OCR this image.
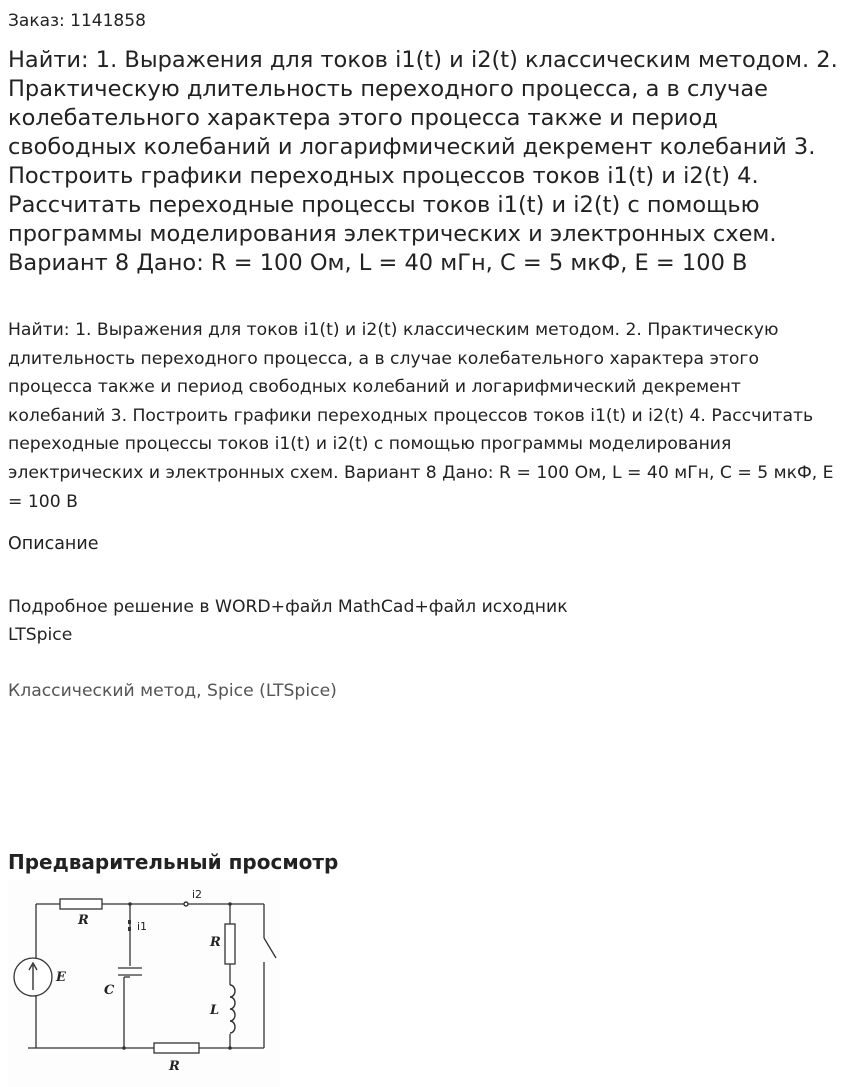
Заказ: 1141858
Найти: 1. Выражения для токов i1(t) и i2(t) классическим методом. 2. Практическую длительность переходного процесса, а в случае колебательного характера этого процесса также и период свободных колебаний и логарифмический декремент колебаний 3. Построить графики переходных процессов токов i1(t) и i2(t) 4. Рассчитать переходные процессы токов i1(t) и i2(t) с помощью программы моделирования электрических и электронных схем. Вариант 8 Дано: R = 100 Ом, L = 40 мГн, C = 5 мкФ, E = 100 В
Найти: 1. Выражения для токов i1(t) и i2(t) классическим методом. 2. Практическую длительность переходного процесса, а в случае колебательного характера этого процесса также и период свободных колебаний и логарифмический декремент колебаний 3. Построить графики переходных процессов токов i1(t) и i2(t) 4. Рассчитать переходные процессы токов i1(t) и i2(t) с помощью программы моделирования электрических и электронных схем. Вариант 8 Дано: R = 100 Ом, L = 40 мГн, C = 5 мкФ, E = 100 В
Описание
Подробное решение в WORD+файл MathCad+файл исходник LTSpice
Классический метод, Spice (LTSpice)
Предварительный просмотр
R
R
R
E
C
L
i1
i2
